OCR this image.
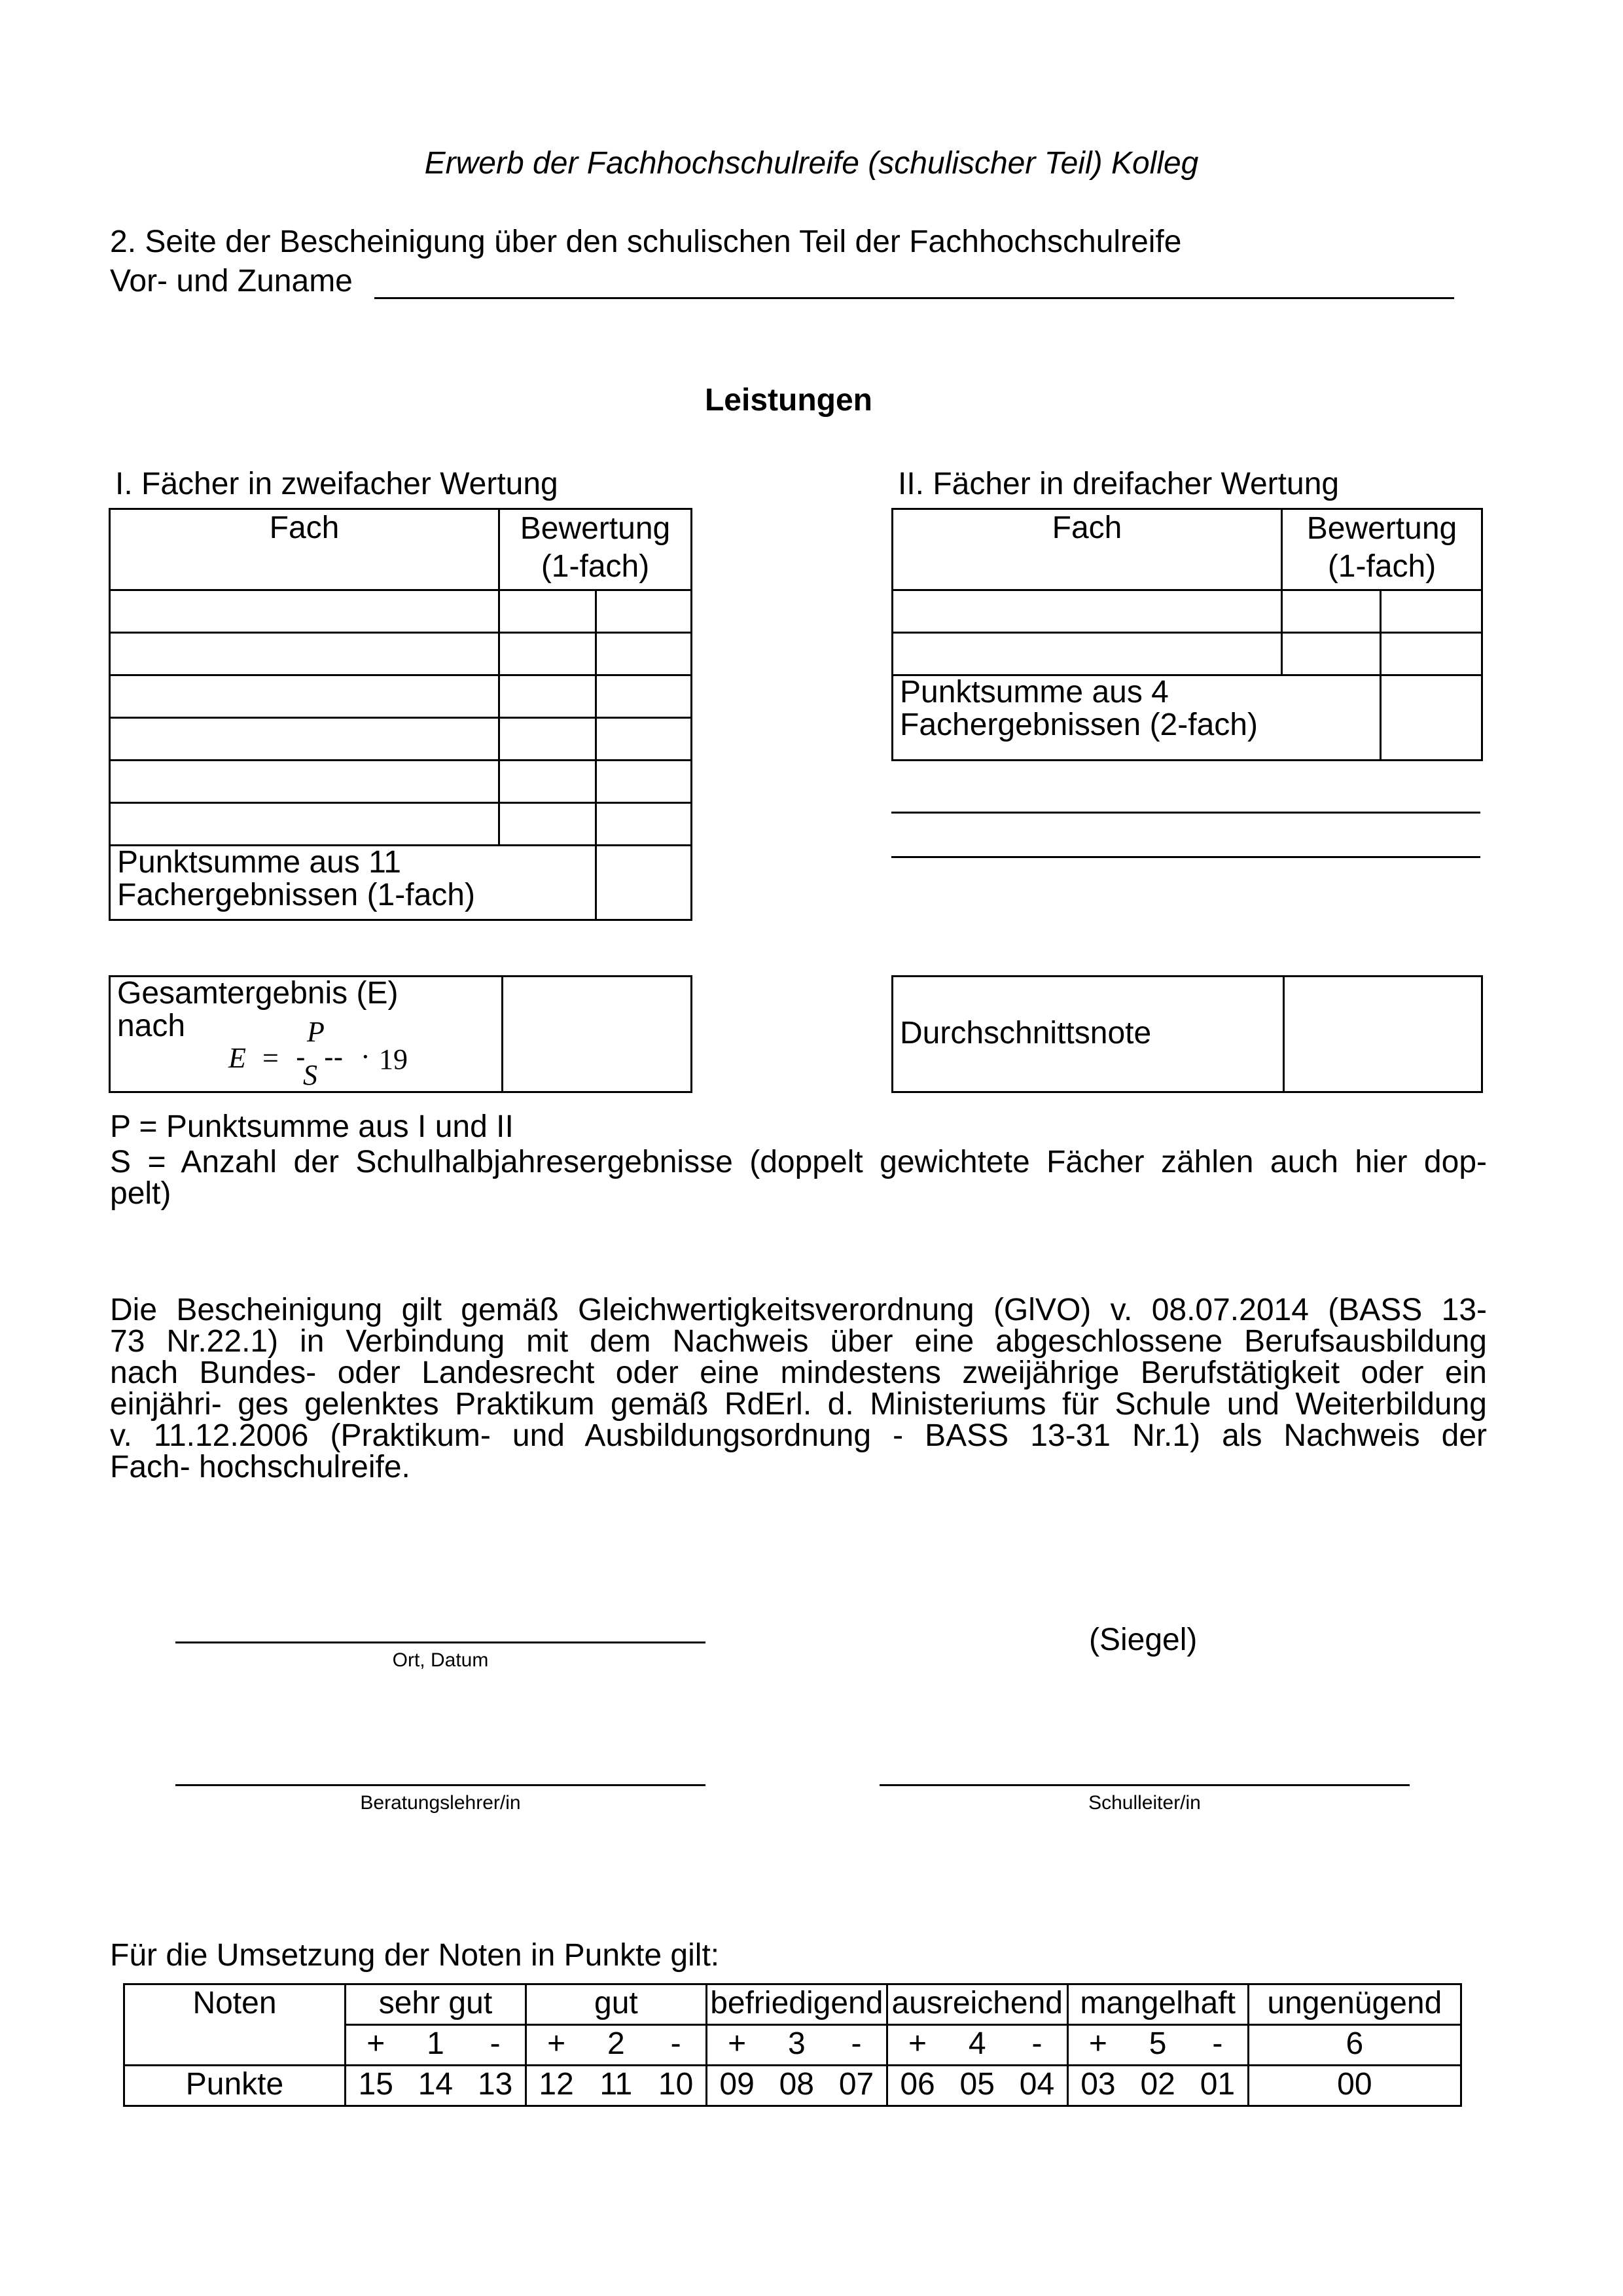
Erwerb der Fachhochschulreife (schulischer Teil) Kolleg
2. Seite der Bescheinigung über den schulischen Teil der Fachhochschulreife
Vor- und Zuname
Leistungen
I. Fächer in zweifacher Wertung
Fach	Bewertung
(1-fach)	

Punktsumme aus 11
Fachergebnissen (1-fach)		

II. Fächer in dreifacher Wertung
Fach	Bewertung
(1-fach)	

Punktsumme aus 4
Fachergebnissen (2-fach)		

Gesamtergebnis (E)
nach	P
E = - -- · 19
S
Durchschnittsnote
P = Punktsumme aus I und II
S = Anzahl der Schulhalbjahresergebnisse (doppelt gewichtete Fächer zählen auch hier dop-
pelt)
Die Bescheinigung gilt gemäß Gleichwertigkeitsverordnung (GlVO) v. 08.07.2014 (BASS 13-
73 Nr.22.1) in Verbindung mit dem Nachweis über eine abgeschlossene Berufsausbildung
nach Bundes- oder Landesrecht oder eine mindestens zweijährige Berufstätigkeit oder ein
einjähri- ges gelenktes Praktikum gemäß RdErl. d. Ministeriums für Schule und Weiterbildung
v. 11.12.2006 (Praktikum- und Ausbildungsordnung - BASS 13-31 Nr.1) als Nachweis der
Fach- hochschulreife.
Ort, Datum
(Siegel)
Beratungslehrer/in	Schulleiter/in
Für die Umsetzung der Noten in Punkte gilt:
Noten	sehr gut			gut			befriedigend			ausreichend			mangelhaft			ungenügend
	+	1	-	+	2	-	+	3	-	+	4	-	+	5	-	6
Punkte	15	14	13	12	11	10	09	08	07	06	05	04	03	02	01	00
